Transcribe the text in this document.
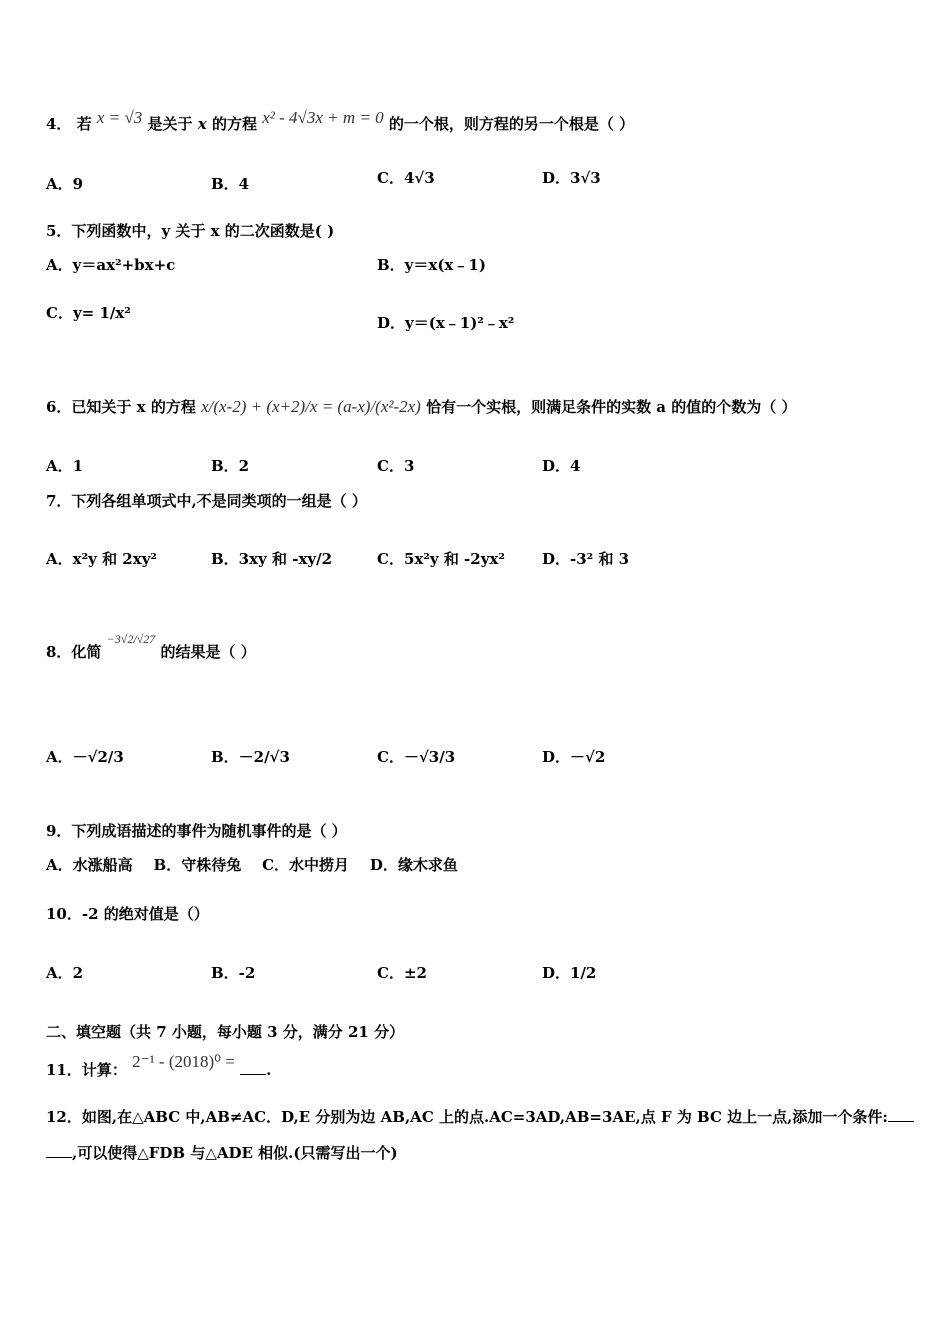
4． 若 x = √3 是关于 x 的方程 x² - 4√3x + m = 0 的一个根，则方程的另一个根是（ ）
A．9	B．4	C．4√3	D．3√3
5．下列函数中，y 关于 x 的二次函数是( )
A．y＝ax²+bx+c	B．y＝x(x﹣1)
C．y= 1/x²
D．y＝(x﹣1)²﹣x²
6．已知关于 x 的方程 x/(x-2) + (x+2)/x = (a-x)/(x²-2x) 恰有一个实根，则满足条件的实数 a 的值的个数为（ ）
A．1	B．2	C．3	D．4
7．下列各组单项式中,不是同类项的一组是（ ）
A．x²y 和 2xy²	B．3xy 和 -xy/2	C．5x²y 和 -2yx² D．-3² 和 3
8．化简 $^{-3√2/√27}$ 的结果是（ ）
A．－√2/3	B．－2/√3	C．－√3/3	D．－√2
9．下列成语描述的事件为随机事件的是（ ）
A．水涨船高    B．守株待兔    C．水中捞月    D．缘木求鱼
10．-2 的绝对值是（）
A．2	B．-2	C．±2	D．1/2
二、填空题（共 7 小题，每小题 3 分，满分 21 分）
11．计算： 2⁻¹ - (2018)⁰ = .
12．如图,在△ABC 中,AB≠AC．D,E 分别为边 AB,AC 上的点.AC=3AD,AB=3AE,点 F 为 BC 边上一点,添加一个条件:
,可以使得△FDB 与△ADE 相似.(只需写出一个)
